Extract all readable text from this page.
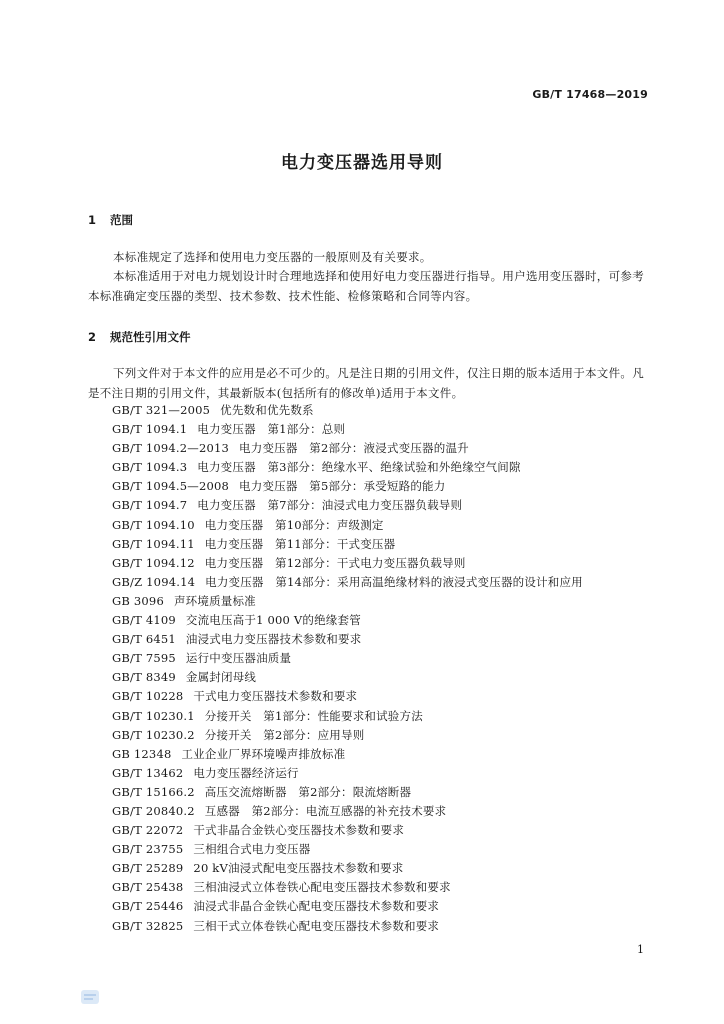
GB/T 17468—2019
电力变压器选用导则
1 范围
本标准规定了选择和使用电力变压器的一般原则及有关要求。
本标准适用于对电力规划设计时合理地选择和使用好电力变压器进行指导。用户选用变压器时，可参考本标准确定变压器的类型、技术参数、技术性能、检修策略和合同等内容。
2 规范性引用文件
下列文件对于本文件的应用是必不可少的。凡是注日期的引用文件，仅注日期的版本适用于本文件。凡是不注日期的引用文件，其最新版本(包括所有的修改单)适用于本文件。
GB/T 321—2005 优先数和优先数系
GB/T 1094.1 电力变压器　第1部分：总则
GB/T 1094.2—2013 电力变压器　第2部分：液浸式变压器的温升
GB/T 1094.3 电力变压器　第3部分：绝缘水平、绝缘试验和外绝缘空气间隙
GB/T 1094.5—2008 电力变压器　第5部分：承受短路的能力
GB/T 1094.7 电力变压器　第7部分：油浸式电力变压器负载导则
GB/T 1094.10 电力变压器　第10部分：声级测定
GB/T 1094.11 电力变压器　第11部分：干式变压器
GB/T 1094.12 电力变压器　第12部分：干式电力变压器负载导则
GB/Z 1094.14 电力变压器　第14部分：采用高温绝缘材料的液浸式变压器的设计和应用
GB 3096 声环境质量标准
GB/T 4109 交流电压高于1 000 V的绝缘套管
GB/T 6451 油浸式电力变压器技术参数和要求
GB/T 7595 运行中变压器油质量
GB/T 8349 金属封闭母线
GB/T 10228 干式电力变压器技术参数和要求
GB/T 10230.1 分接开关　第1部分：性能要求和试验方法
GB/T 10230.2 分接开关　第2部分：应用导则
GB 12348 工业企业厂界环境噪声排放标准
GB/T 13462 电力变压器经济运行
GB/T 15166.2 高压交流熔断器　第2部分：限流熔断器
GB/T 20840.2 互感器　第2部分：电流互感器的补充技术要求
GB/T 22072 干式非晶合金铁心变压器技术参数和要求
GB/T 23755 三相组合式电力变压器
GB/T 25289 20 kV油浸式配电变压器技术参数和要求
GB/T 25438 三相油浸式立体卷铁心配电变压器技术参数和要求
GB/T 25446 油浸式非晶合金铁心配电变压器技术参数和要求
GB/T 32825 三相干式立体卷铁心配电变压器技术参数和要求
1
